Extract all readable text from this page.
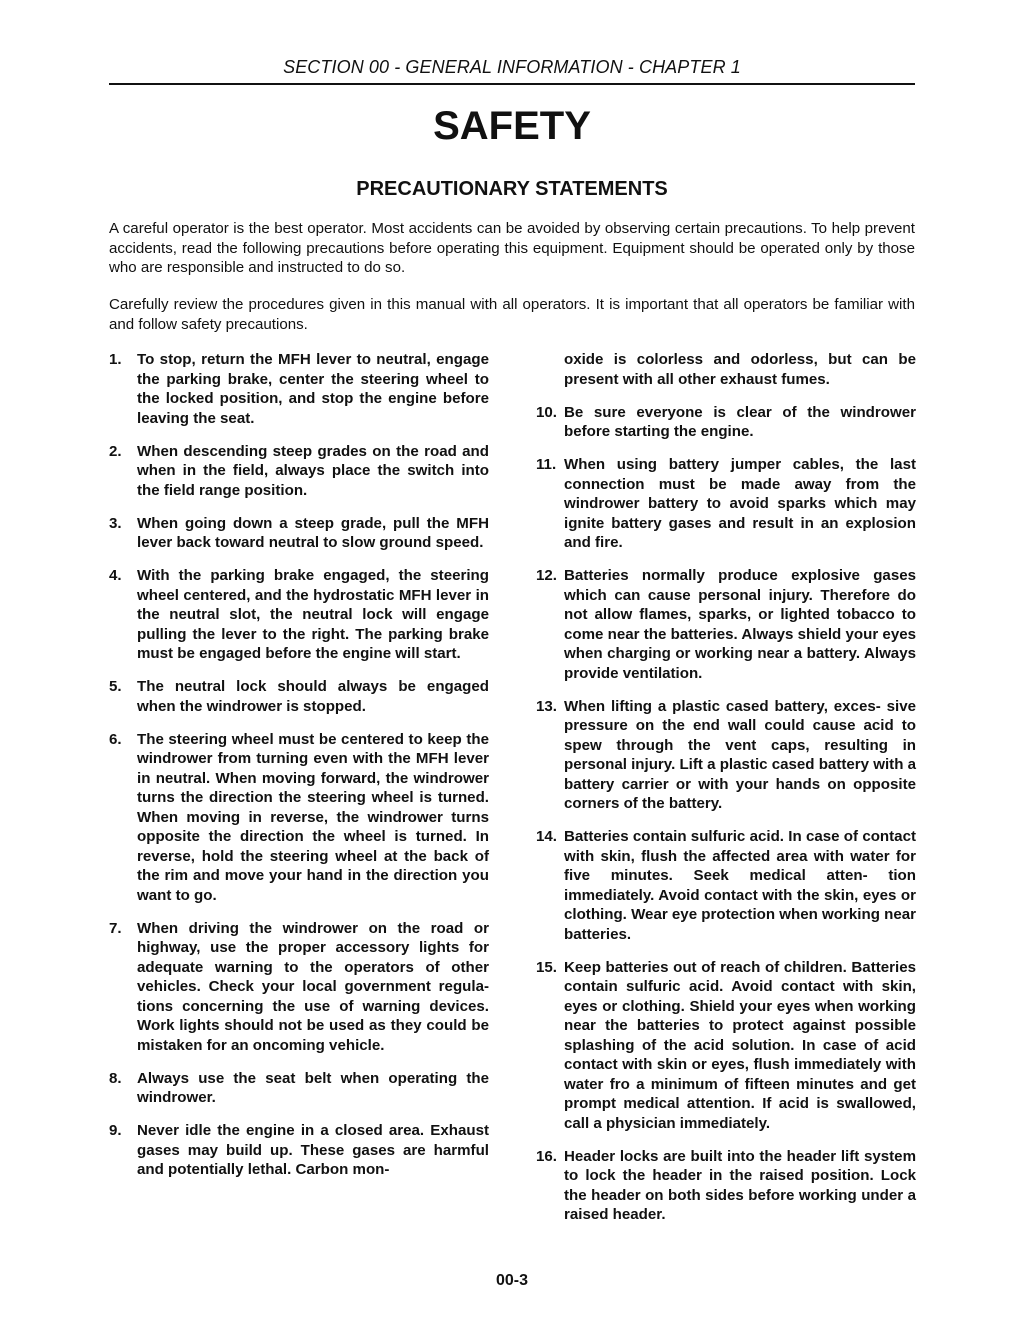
SECTION 00 - GENERAL INFORMATION - CHAPTER 1
SAFETY
PRECAUTIONARY STATEMENTS

A careful operator is the best operator. Most accidents can be avoided by observing certain precautions. To help prevent accidents, read the following precautions before operating this equipment. Equipment should be operated only by those who are responsible and instructed to do so.

Carefully review the procedures given in this manual with all operators. It is important that all operators be familiar with and follow safety precautions.

1. To stop, return the MFH lever to neutral, engage the parking brake, center the steering wheel to the locked position, and stop the engine before leaving the seat.
2. When descending steep grades on the road and when in the field, always place the switch into the field range position.
3. When going down a steep grade, pull the MFH lever back toward neutral to slow ground speed.
4. With the parking brake engaged, the steering wheel centered, and the hydrostatic MFH lever in the neutral slot, the neutral lock will engage pulling the lever to the right. The parking brake must be engaged before the engine will start.
5. The neutral lock should always be engaged when the windrower is stopped.
6. The steering wheel must be centered to keep the windrower from turning even with the MFH lever in neutral. When moving forward, the windrower turns the direction the steering wheel is turned. When moving in reverse, the windrower turns opposite the direction the wheel is turned. In reverse, hold the steering wheel at the back of the rim and move your hand in the direction you want to go.
7. When driving the windrower on the road or highway, use the proper accessory lights for adequate warning to the operators of other vehicles. Check your local government regula- tions concerning the use of warning devices. Work lights should not be used as they could be mistaken for an oncoming vehicle.
8. Always use the seat belt when operating the windrower.
9. Never idle the engine in a closed area. Exhaust gases may build up. These gases are harmful and potentially lethal. Carbon mon-
oxide is colorless and odorless, but can be present with all other exhaust fumes.
10. Be sure everyone is clear of the windrower before starting the engine.
11. When using battery jumper cables, the last connection must be made away from the windrower battery to avoid sparks which may ignite battery gases and result in an explosion and fire.
12. Batteries normally produce explosive gases which can cause personal injury. Therefore do not allow flames, sparks, or lighted tobacco to come near the batteries. Always shield your eyes when charging or working near a battery. Always provide ventilation.
13. When lifting a plastic cased battery, exces- sive pressure on the end wall could cause acid to spew through the vent caps, resulting in personal injury. Lift a plastic cased battery with a battery carrier or with your hands on opposite corners of the battery.
14. Batteries contain sulfuric acid. In case of contact with skin, flush the affected area with water for five minutes. Seek medical atten- tion immediately. Avoid contact with the skin, eyes or clothing. Wear eye protection when working near batteries.
15. Keep batteries out of reach of children. Batteries contain sulfuric acid. Avoid contact with skin, eyes or clothing. Shield your eyes when working near the batteries to protect against possible splashing of the acid solution. In case of acid contact with skin or eyes, flush immediately with water fro a minimum of fifteen minutes and get prompt medical attention. If acid is swallowed, call a physician immediately.
16. Header locks are built into the header lift system to lock the header in the raised position. Lock the header on both sides before working under a raised header.
00-3
